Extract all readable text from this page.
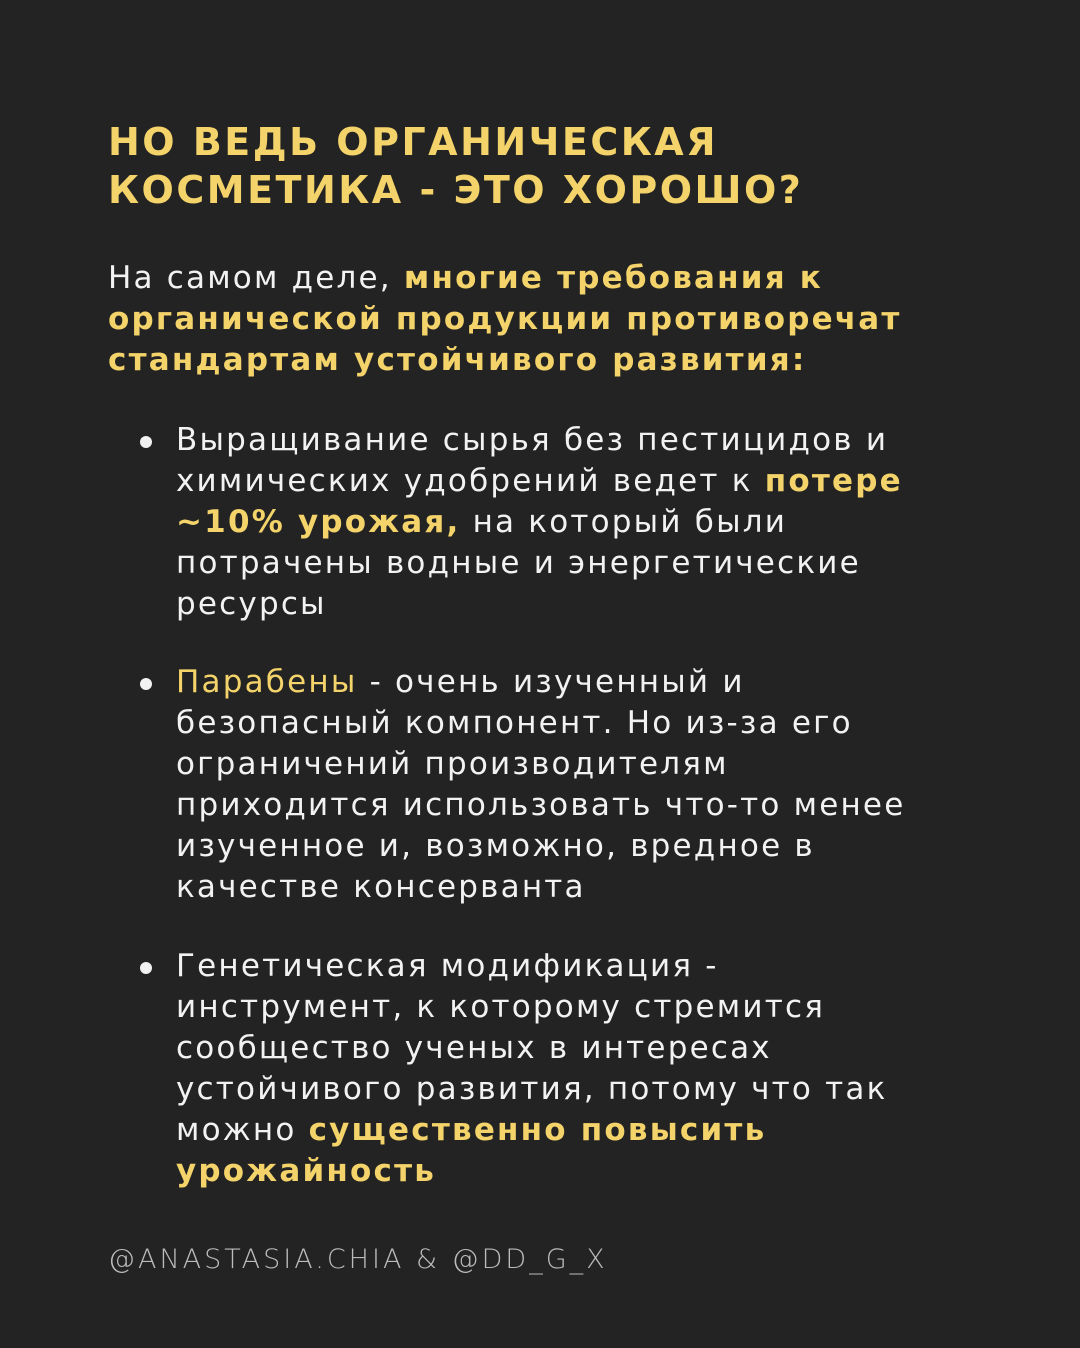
НО ВЕДЬ ОРГАНИЧЕСКАЯ
КОСМЕТИКА - ЭТО ХОРОШО?

На самом деле, многие требования к
органической продукции противоречат
стандартам устойчивого развития:

Выращивание сырья без пестицидов и
химических удобрений ведет к потере
~10% урожая, на который были
потрачены водные и энергетические
ресурсы
Парабены - очень изученный и
безопасный компонент. Но из-за его
ограничений производителям
приходится использовать что-то менее
изученное и, возможно, вредное в
качестве консерванта
Генетическая модификация -
инструмент, к которому стремится
сообщество ученых в интересах
устойчивого развития, потому что так
можно существенно повысить
урожайность
@ANASTASIA.CHIA & @DD_G_X
